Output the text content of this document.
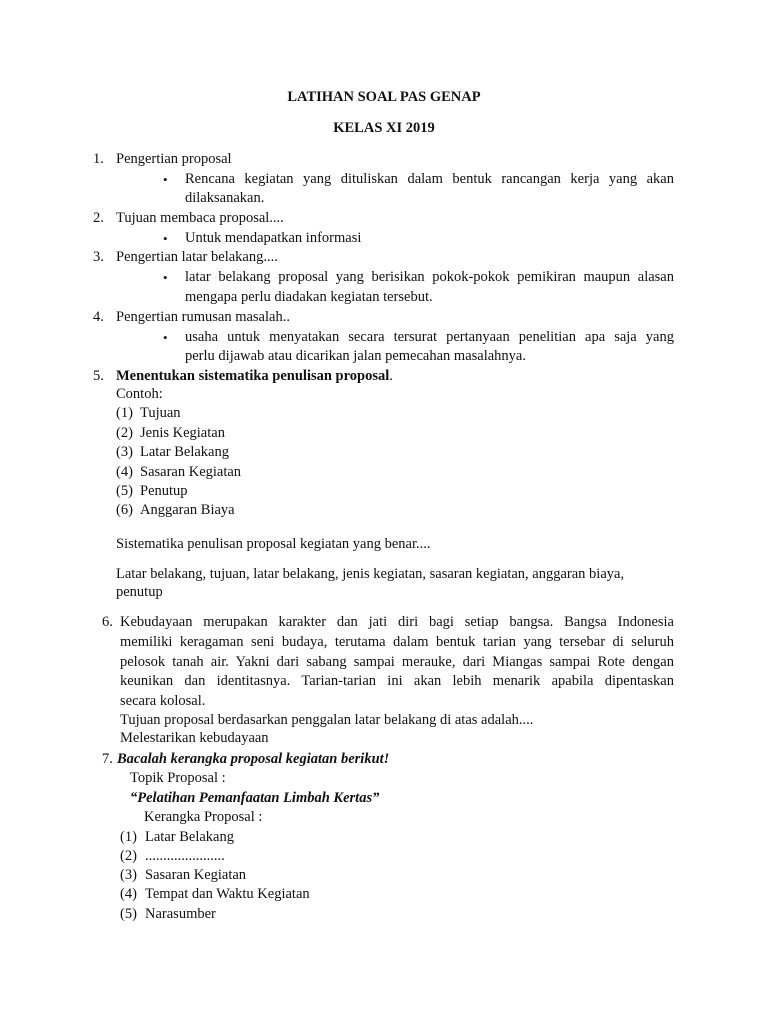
LATIHAN SOAL PAS GENAP
KELAS XI 2019
1. Pengertian proposal
• Rencana kegiatan yang dituliskan dalam bentuk rancangan kerja yang akan
dilaksanakan.
2. Tujuan membaca proposal....
• Untuk mendapatkan informasi
3. Pengertian latar belakang....
• latar belakang proposal yang berisikan pokok-pokok pemikiran maupun alasan
mengapa perlu diadakan kegiatan tersebut.
4. Pengertian rumusan masalah..
• usaha untuk menyatakan secara tersurat pertanyaan penelitian apa saja yang
perlu dijawab atau dicarikan jalan pemecahan masalahnya.
5. Menentukan sistematika penulisan proposal.
Contoh:
(1) Tujuan
(2) Jenis Kegiatan
(3) Latar Belakang
(4) Sasaran Kegiatan
(5) Penutup
(6) Anggaran Biaya
Sistematika penulisan proposal kegiatan yang benar....
Latar belakang, tujuan, latar belakang, jenis kegiatan, sasaran kegiatan, anggaran biaya,
penutup
6. Kebudayaan merupakan karakter dan jati diri bagi setiap bangsa. Bangsa Indonesia
memiliki keragaman seni budaya, terutama dalam bentuk tarian yang tersebar di seluruh
pelosok tanah air. Yakni dari sabang sampai merauke, dari Miangas sampai Rote dengan
keunikan dan identitasnya. Tarian-tarian ini akan lebih menarik apabila dipentaskan
secara kolosal.
Tujuan proposal berdasarkan penggalan latar belakang di atas adalah....
Melestarikan kebudayaan
7. Bacalah kerangka proposal kegiatan berikut!
Topik Proposal :
“Pelatihan Pemanfaatan Limbah Kertas”
Kerangka Proposal :
(1) Latar Belakang
(2) ......................
(3) Sasaran Kegiatan
(4) Tempat dan Waktu Kegiatan
(5) Narasumber
